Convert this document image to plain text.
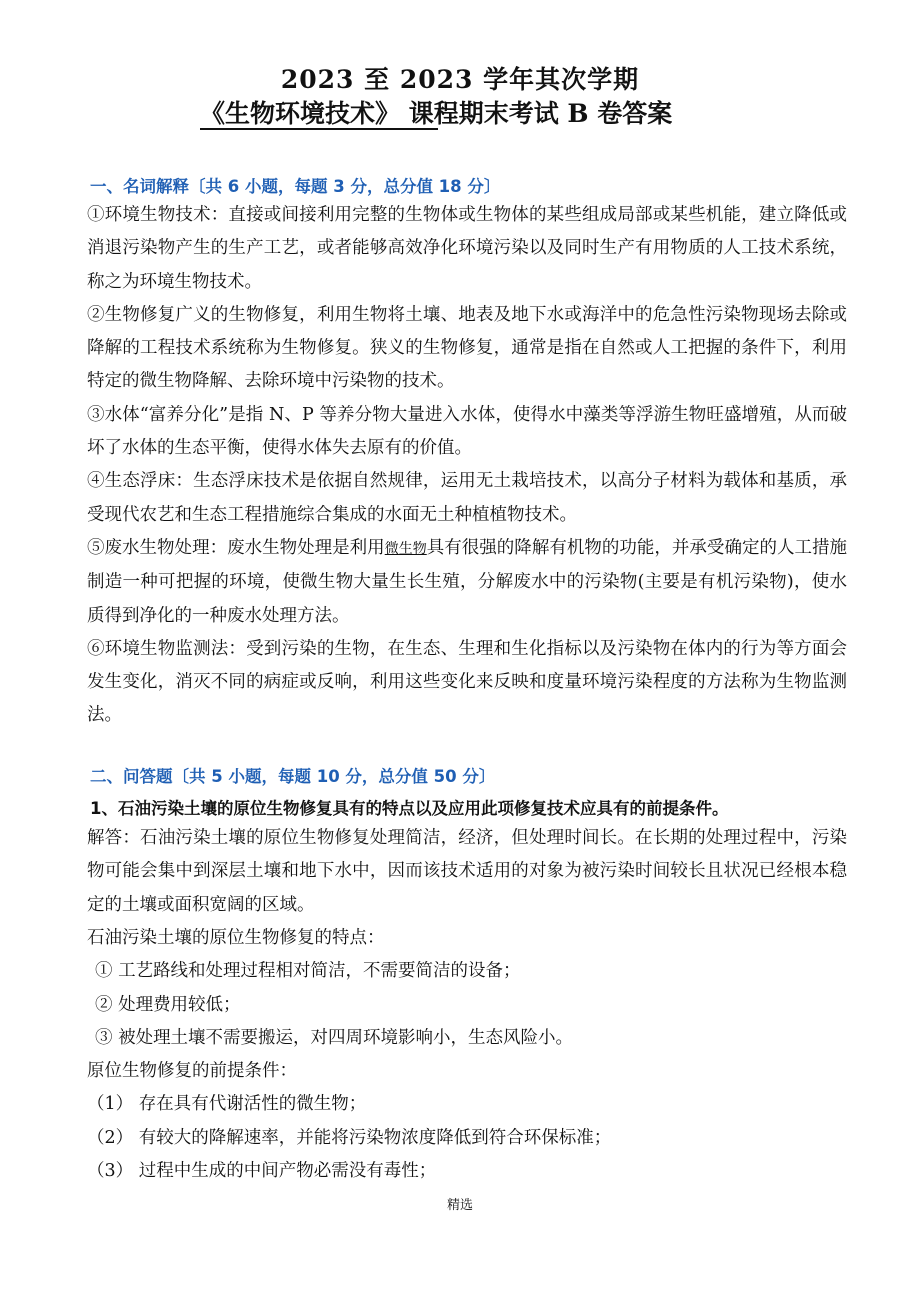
2023 至 2023 学年其次学期
《生物环境技术》 课程期末考试 B 卷答案
一、名词解释〔共 6 小题，每题 3 分，总分值 18 分〕

①环境生物技术：直接或间接利用完整的生物体或生物体的某些组成局部或某些机能，建立降低或消退污染物产生的生产工艺，或者能够高效净化环境污染以及同时生产有用物质的人工技术系统，称之为环境生物技术。

②生物修复广义的生物修复，利用生物将土壤、地表及地下水或海洋中的危急性污染物现场去除或降解的工程技术系统称为生物修复。狭义的生物修复，通常是指在自然或人工把握的条件下，利用特定的微生物降解、去除环境中污染物的技术。

③水体“富养分化”是指 N、P 等养分物大量进入水体，使得水中藻类等浮游生物旺盛增殖，从而破坏了水体的生态平衡，使得水体失去原有的价值。

④生态浮床：生态浮床技术是依据自然规律，运用无土栽培技术，以高分子材料为载体和基质，承受现代农艺和生态工程措施综合集成的水面无土种植植物技术。

⑤废水生物处理：废水生物处理是利用微生物具有很强的降解有机物的功能，并承受确定的人工措施制造一种可把握的环境，使微生物大量生长生殖，分解废水中的污染物(主要是有机污染物)，使水质得到净化的一种废水处理方法。

⑥环境生物监测法：受到污染的生物，在生态、生理和生化指标以及污染物在体内的行为等方面会发生变化，消灭不同的病症或反响，利用这些变化来反映和度量环境污染程度的方法称为生物监测法。

二、问答题〔共 5 小题，每题 10 分，总分值 50 分〕
1、石油污染土壤的原位生物修复具有的特点以及应用此项修复技术应具有的前提条件。
解答：石油污染土壤的原位生物修复处理简洁，经济，但处理时间长。在长期的处理过程中，污染物可能会集中到深层土壤和地下水中，因而该技术适用的对象为被污染时间较长且状况已经根本稳定的土壤或面积宽阔的区域。

石油污染土壤的原位生物修复的特点：

① 工艺路线和处理过程相对简洁，不需要简洁的设备；

② 处理费用较低；

③ 被处理土壤不需要搬运，对四周环境影响小，生态风险小。

原位生物修复的前提条件：

（1） 存在具有代谢活性的微生物；

（2） 有较大的降解速率，并能将污染物浓度降低到符合环保标准；

（3） 过程中生成的中间产物必需没有毒性；

精选
